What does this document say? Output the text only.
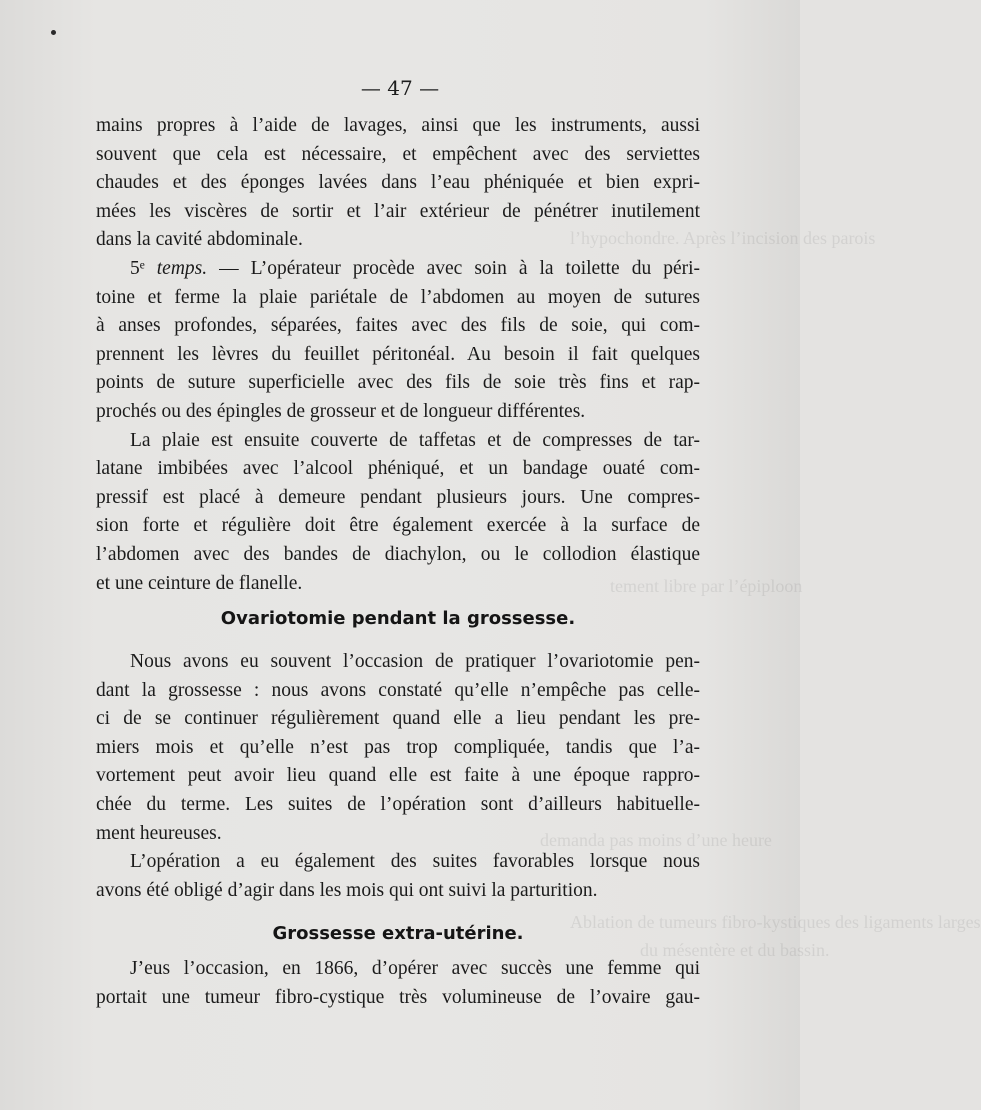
— 47 —
l’hypochondre. Après l’incision des parois
tement libre par l’épiploon
demanda pas moins d’une heure
Ablation de tumeurs fibro-kystiques des ligaments larges
du mésentère et du bassin.
mains propres à l’aide de lavages, ainsi que les instruments, aussi
souvent que cela est nécessaire, et empêchent avec des serviettes
chaudes et des éponges lavées dans l’eau phéniquée et bien expri-
mées les viscères de sortir et l’air extérieur de pénétrer inutilement
dans la cavité abdominale.
5ᵉ temps. — L’opérateur procède avec soin à la toilette du péri-
toine et ferme la plaie pariétale de l’abdomen au moyen de sutures
à anses profondes, séparées, faites avec des fils de soie, qui com-
prennent les lèvres du feuillet péritonéal. Au besoin il fait quelques
points de suture superficielle avec des fils de soie très fins et rap-
prochés ou des épingles de grosseur et de longueur différentes.
La plaie est ensuite couverte de taffetas et de compresses de tar-
latane imbibées avec l’alcool phéniqué, et un bandage ouaté com-
pressif est placé à demeure pendant plusieurs jours. Une compres-
sion forte et régulière doit être également exercée à la surface de
l’abdomen avec des bandes de diachylon, ou le collodion élastique
et une ceinture de flanelle.
Ovariotomie pendant la grossesse.
Nous avons eu souvent l’occasion de pratiquer l’ovariotomie pen-
dant la grossesse : nous avons constaté qu’elle n’empêche pas celle-
ci de se continuer régulièrement quand elle a lieu pendant les pre-
miers mois et qu’elle n’est pas trop compliquée, tandis que l’a-
vortement peut avoir lieu quand elle est faite à une époque rappro-
chée du terme. Les suites de l’opération sont d’ailleurs habituelle-
ment heureuses.
L’opération a eu également des suites favorables lorsque nous
avons été obligé d’agir dans les mois qui ont suivi la parturition.
Grossesse extra-utérine.
J’eus l’occasion, en 1866, d’opérer avec succès une femme qui
portait une tumeur fibro-cystique très volumineuse de l’ovaire gau-
